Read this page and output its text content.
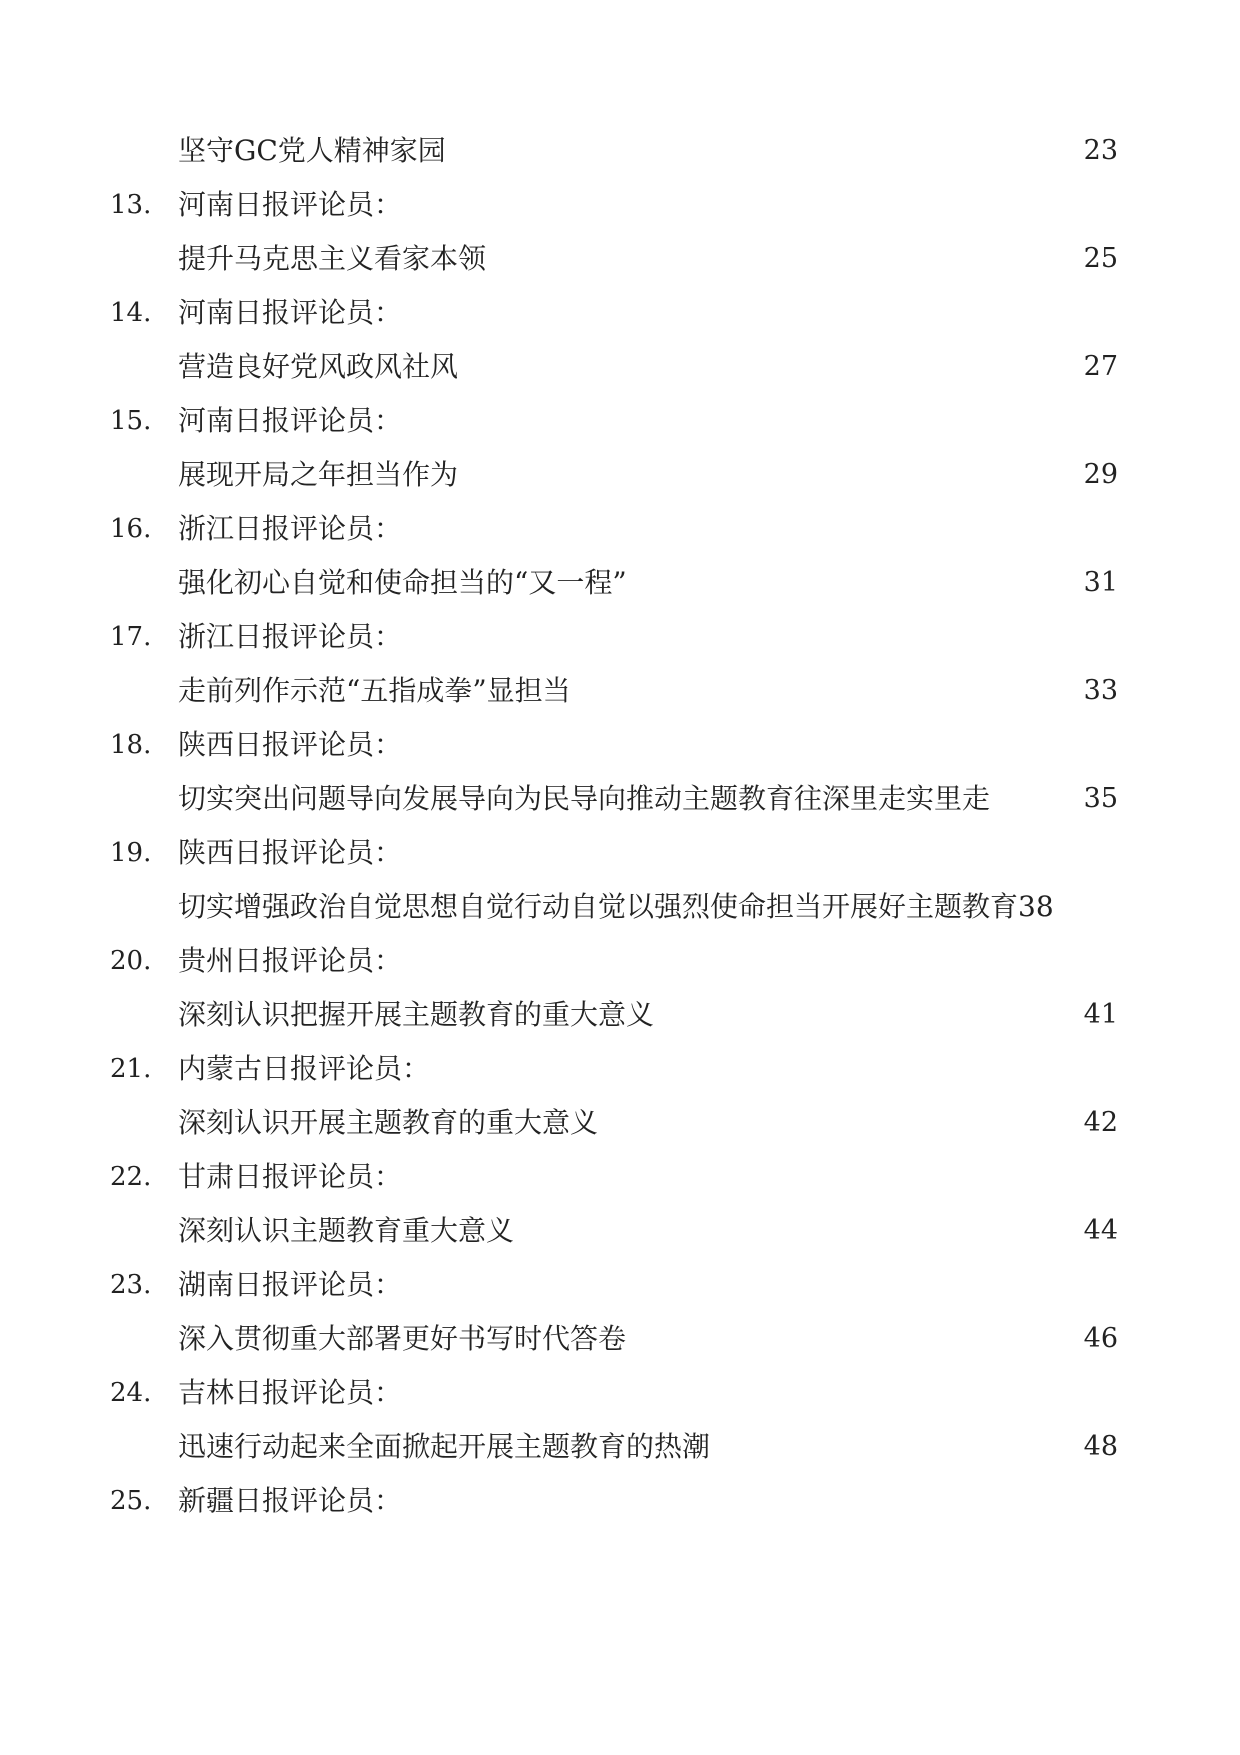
坚守GC党人精神家园	23
13. 河南日报评论员：
提升马克思主义看家本领	25
14. 河南日报评论员：
营造良好党风政风社风	27
15. 河南日报评论员：
展现开局之年担当作为	29
16. 浙江日报评论员：
强化初心自觉和使命担当的“又一程”	31
17. 浙江日报评论员：
走前列作示范“五指成拳”显担当	33
18. 陕西日报评论员：
切实突出问题导向发展导向为民导向推动主题教育往深里走实里走	35
19. 陕西日报评论员：
切实增强政治自觉思想自觉行动自觉以强烈使命担当开展好主题教育38
20. 贵州日报评论员：
深刻认识把握开展主题教育的重大意义	41
21. 内蒙古日报评论员：
深刻认识开展主题教育的重大意义	42
22. 甘肃日报评论员：
深刻认识主题教育重大意义	44
23. 湖南日报评论员：
深入贯彻重大部署更好书写时代答卷	46
24. 吉林日报评论员：
迅速行动起来全面掀起开展主题教育的热潮	48
25. 新疆日报评论员：
